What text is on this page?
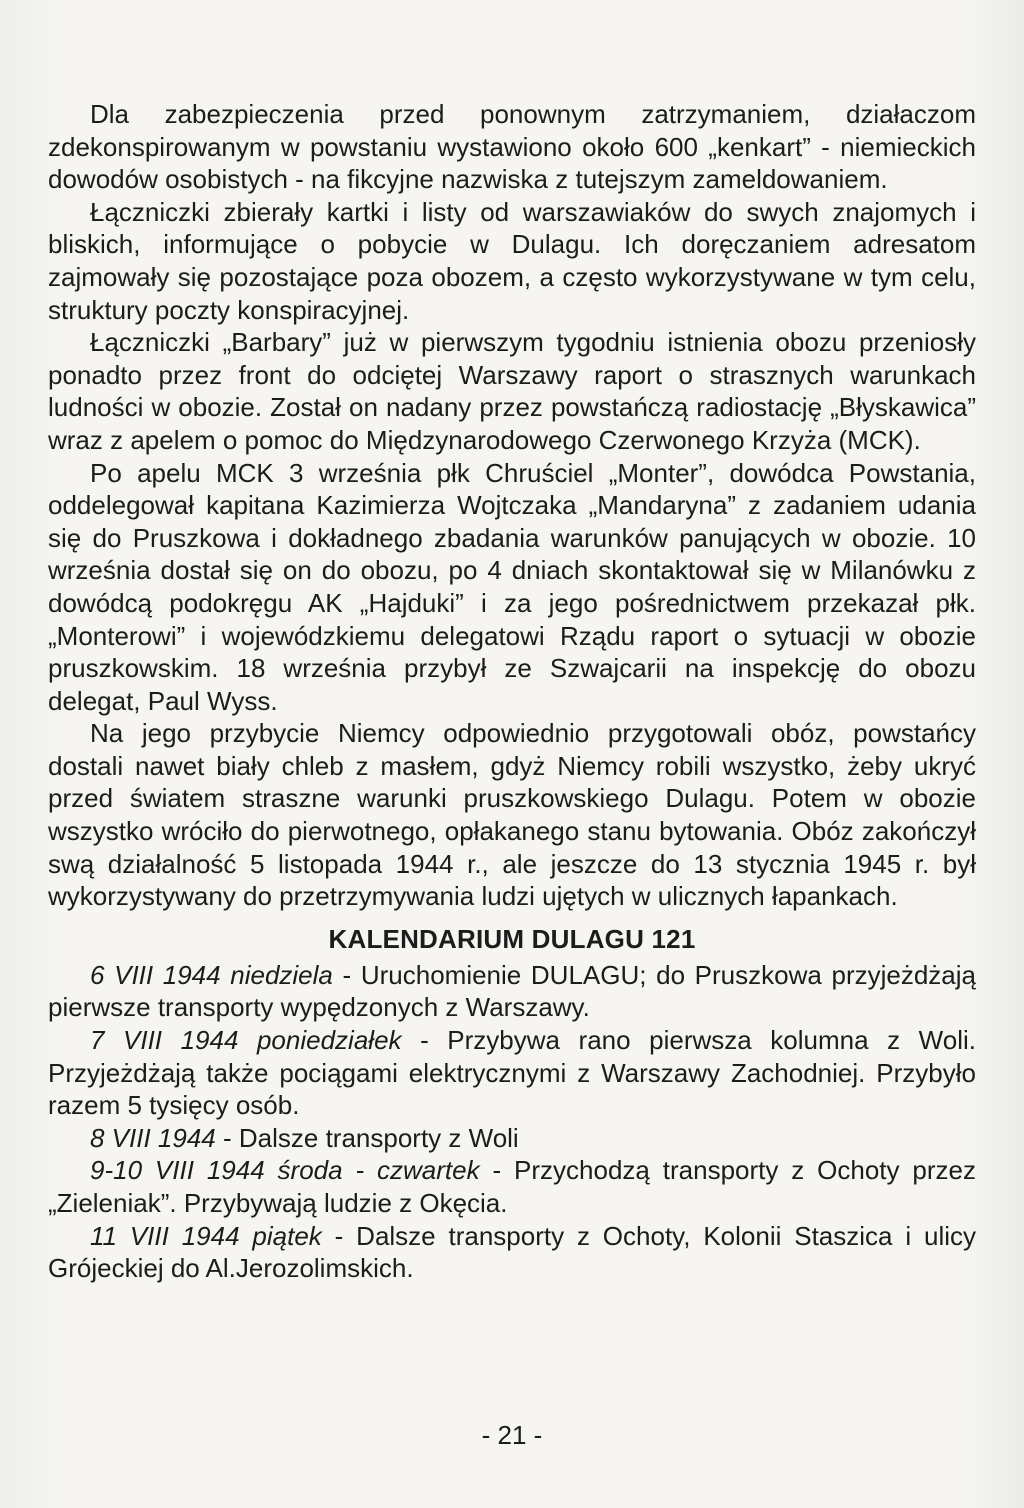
Dla zabezpieczenia przed ponownym zatrzymaniem, działaczom zdekonspirowanym w powstaniu wystawiono około 600 „kenkart” - niemieckich dowodów osobistych - na fikcyjne nazwiska z tutejszym zameldowaniem.

Łączniczki zbierały kartki i listy od warszawiaków do swych znajomych i bliskich, informujące o pobycie w Dulagu. Ich doręczaniem adresatom zajmowały się pozostające poza obozem, a często wykorzystywane w tym celu, struktury poczty konspiracyjnej.

Łączniczki „Barbary” już w pierwszym tygodniu istnienia obozu przeniosły ponadto przez front do odciętej Warszawy raport o strasznych warunkach ludności w obozie. Został on nadany przez powstańczą radiostację „Błyskawica” wraz z apelem o pomoc do Międzynarodowego Czerwonego Krzyża (MCK).

Po apelu MCK 3 września płk Chruściel „Monter”, dowódca Powstania, oddelegował kapitana Kazimierza Wojtczaka „Mandaryna” z zadaniem udania się do Pruszkowa i dokładnego zbadania warunków panujących w obozie. 10 września dostał się on do obozu, po 4 dniach skontaktował się w Milanówku z dowódcą podokręgu AK „Hajduki” i za jego pośrednictwem przekazał płk. „Monterowi” i wojewódzkiemu delegatowi Rządu raport o sytuacji w obozie pruszkowskim. 18 września przybył ze Szwajcarii na inspekcję do obozu delegat, Paul Wyss.

Na jego przybycie Niemcy odpowiednio przygotowali obóz, powstańcy dostali nawet biały chleb z masłem, gdyż Niemcy robili wszystko, żeby ukryć przed światem straszne warunki pruszkowskiego Dulagu. Potem w obozie wszystko wróciło do pierwotnego, opłakanego stanu bytowania. Obóz zakończył swą działalność 5 listopada 1944 r., ale jeszcze do 13 stycznia 1945 r. był wykorzystywany do przetrzymywania ludzi ujętych w ulicznych łapankach.

KALENDARIUM DULAGU 121

6 VIII 1944 niedziela - Uruchomienie DULAGU; do Pruszkowa przyjeżdżają pierwsze transporty wypędzonych z Warszawy.

7 VIII 1944 poniedziałek - Przybywa rano pierwsza kolumna z Woli. Przyjeżdżają także pociągami elektrycznymi z Warszawy Zachodniej. Przybyło razem 5 tysięcy osób.

8 VIII 1944 - Dalsze transporty z Woli

9-10 VIII 1944 środa - czwartek - Przychodzą transporty z Ochoty przez „Zieleniak”. Przybywają ludzie z Okęcia.

11 VIII 1944 piątek - Dalsze transporty z Ochoty, Kolonii Staszica i ulicy Grójeckiej do Al.Jerozolimskich.

- 21 -
